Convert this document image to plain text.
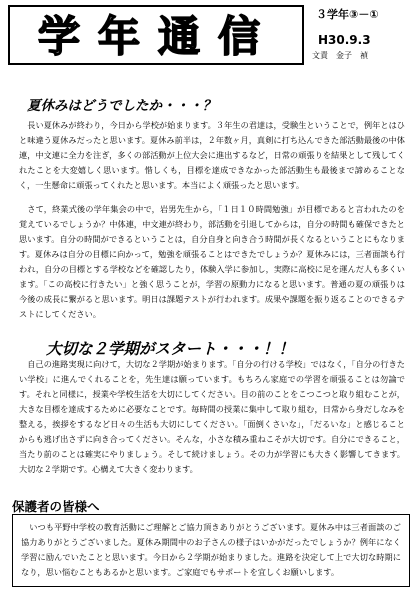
学年通信	３学年③－①
H30.9.3
文責　金子　禎
夏休みはどうでしたか・・・？

　長い夏休みが終わり，今日から学校が始まります。３年生の君達は，受験生ということで，例年とはひと味違う夏休みだったと思います。夏休み前半は，２年数ヶ月，真剣に打ち込んできた部活動最後の中体連，中文連に全力を注ぎ，多くの部活動が上位大会に進出するなど，日常の頑張りを結果として残してくれたことを大変嬉しく思います。惜しくも，目標を達成できなかった部活動生も最後まで諦めることなく，一生懸命に頑張ってくれたと思います。本当によく頑張ったと思います。

　さて，終業式後の学年集会の中で，岩男先生から，「１日１０時間勉強」が目標であると言われたのを覚えているでしょうか？中体連，中文連が終わり，部活動を引退してからは，自分の時間も確保できたと思います。自分の時間ができるということは，自分自身と向き合う時間が長くなるということにもなります。夏休みは自分の目標に向かって，勉強を頑張ることはできたでしょうか？夏休みには，三者面談も行われ，自分の目標とする学校などを確認したり，体験入学に参加し，実際に高校に足を運んだ人も多くいます。「この高校に行きたい」と強く思うことが，学習の原動力になると思います。普通の夏の頑張りは今後の成長に繋がると思います。明日は課題テストが行われます。成果や課題を振り返ることのできるテストにしてください。

大切な２学期がスタート・・・！！

　自己の進路実現に向けて，大切な２学期が始まります。「自分の行ける学校」ではなく，「自分の行きたい学校」に進んでくれることを，先生達は願っています。もちろん家庭での学習を頑張ることは勿論です。それと同様に，授業や学校生活を大切にしてください。目の前のことをこつこつと取り組むことが，大きな目標を達成するために必要なことです。毎時間の授業に集中して取り組む，日常から身だしなみを整える，挨拶をするなど日々の生活も大切にしてください。「面倒くさいな」，「だるいな」と感じることからも逃げ出さずに向き合ってください。そんな，小さな積み重ねこそが大切です。自分にできること，当たり前のことは確実にやりましょう。そして続けましょう。その力が学習にも大きく影響してきます。大切な２学期です。心構えて大きく変わります。

保護者の皆様へ

　いつも平野中学校の教育活動にご理解とご協力頂きありがとうございます。夏休み中は三者面談のご協力ありがとうございました。夏休み期間中のお子さんの様子はいかがだったでしょうか？例年になく学習に励んでいたことと思います。今日から２学期が始まりました。進路を決定して上で大切な時期になり，思い悩むこともあるかと思います。ご家庭でもサポートを宜しくお願いします。
